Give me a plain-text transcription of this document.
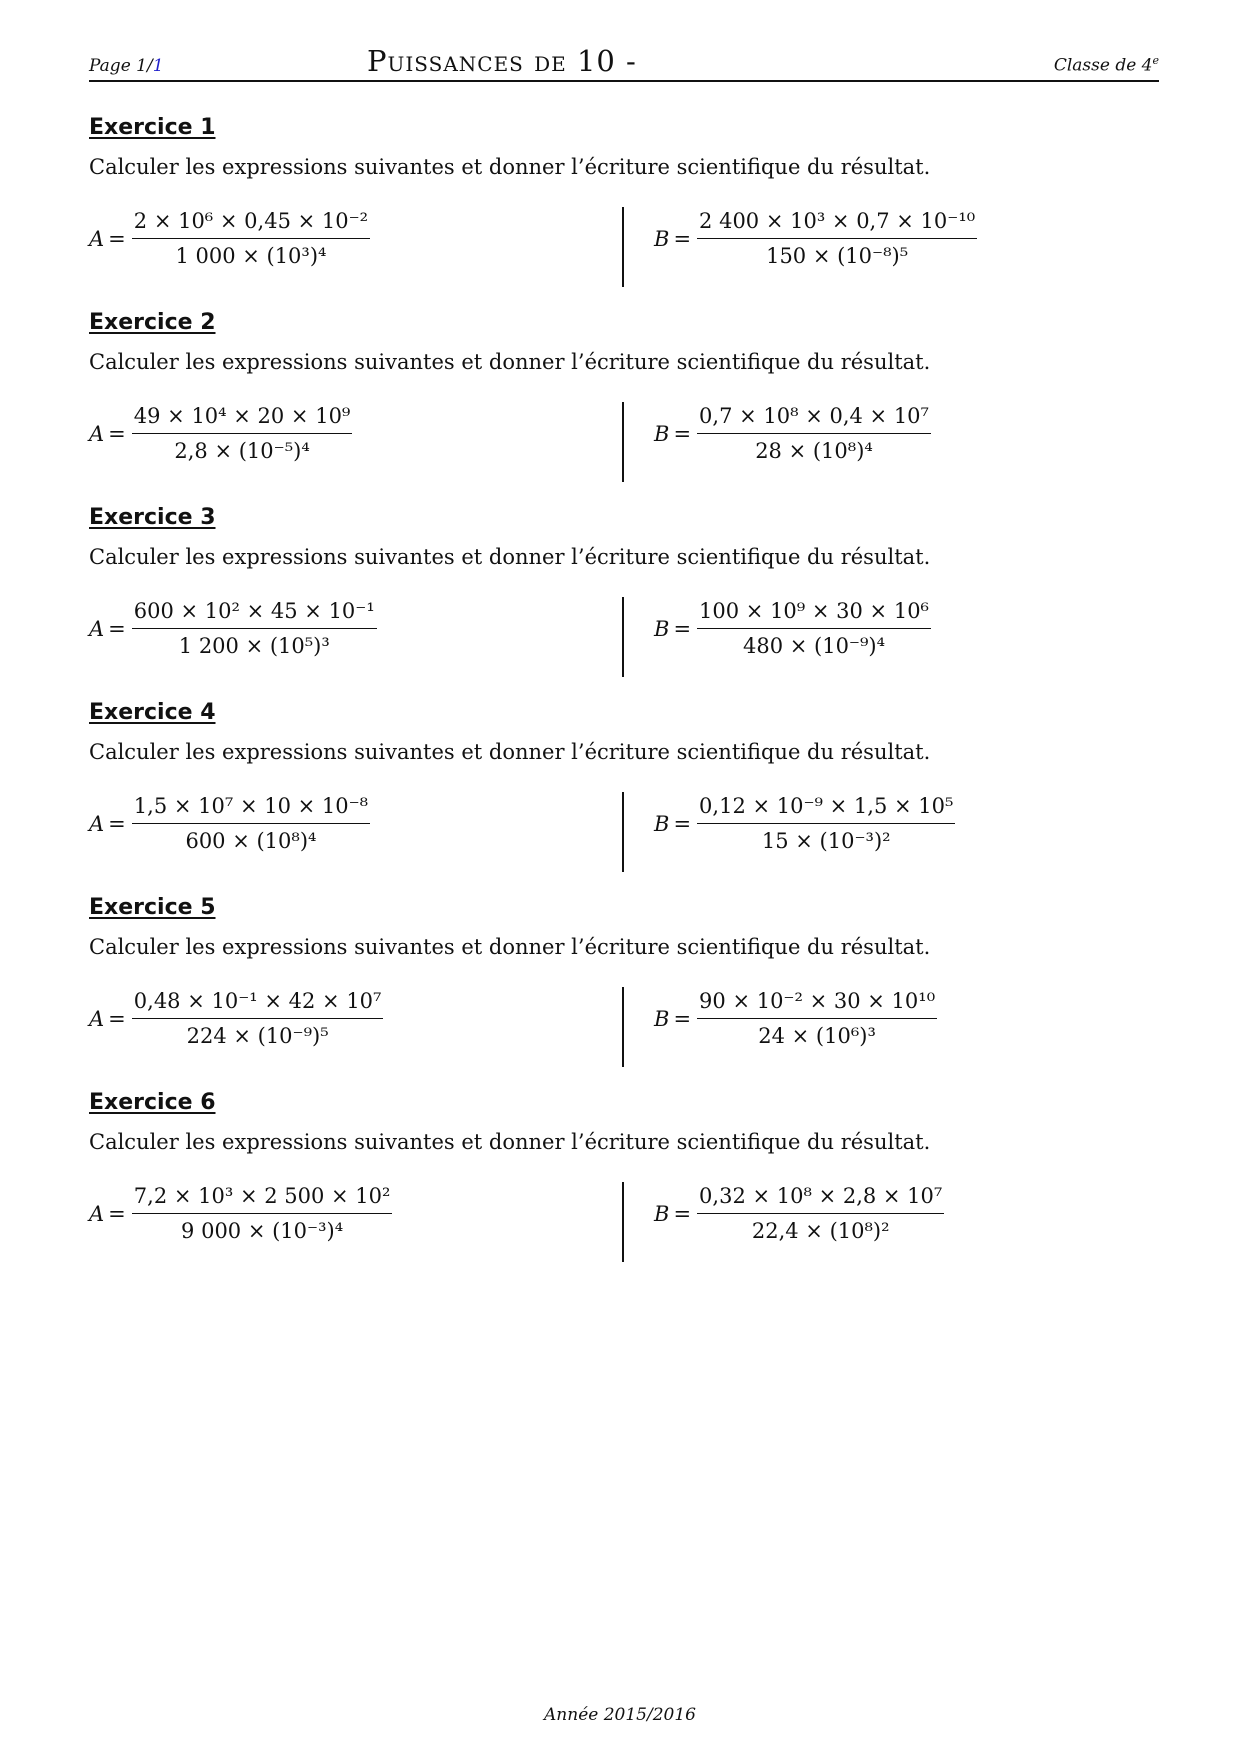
Page 1/1	Puissances de 10 -	Classe de 4e
Exercice 1
Calculer les expressions suivantes et donner l’écriture scientifique du résultat.
$A = \frac{\text{2 × 10⁶ × 0,45 × 10⁻²}}{\text{1 000 × (10³)⁴}}$	$B = \frac{\text{2 400 × 10³ × 0,7 × 10⁻¹⁰}}{\text{150 × (10⁻⁸)⁵}}$
Exercice 2
Calculer les expressions suivantes et donner l’écriture scientifique du résultat.
$A = \frac{\text{49 × 10⁴ × 20 × 10⁹}}{\text{2,8 × (10⁻⁵)⁴}}$	$B = \frac{\text{0,7 × 10⁸ × 0,4 × 10⁷}}{\text{28 × (10⁸)⁴}}$
Exercice 3
Calculer les expressions suivantes et donner l’écriture scientifique du résultat.
$A = \frac{\text{600 × 10² × 45 × 10⁻¹}}{\text{1 200 × (10⁵)³}}$	$B = \frac{\text{100 × 10⁹ × 30 × 10⁶}}{\text{480 × (10⁻⁹)⁴}}$
Exercice 4
Calculer les expressions suivantes et donner l’écriture scientifique du résultat.
$A = \frac{\text{1,5 × 10⁷ × 10 × 10⁻⁸}}{\text{600 × (10⁸)⁴}}$	$B = \frac{\text{0,12 × 10⁻⁹ × 1,5 × 10⁵}}{\text{15 × (10⁻³)²}}$
Exercice 5
Calculer les expressions suivantes et donner l’écriture scientifique du résultat.
$A = \frac{\text{0,48 × 10⁻¹ × 42 × 10⁷}}{\text{224 × (10⁻⁹)⁵}}$	$B = \frac{\text{90 × 10⁻² × 30 × 10¹⁰}}{\text{24 × (10⁶)³}}$
Exercice 6
Calculer les expressions suivantes et donner l’écriture scientifique du résultat.
$A = \frac{\text{7,2 × 10³ × 2 500 × 10²}}{\text{9 000 × (10⁻³)⁴}}$	$B = \frac{\text{0,32 × 10⁸ × 2,8 × 10⁷}}{\text{22,4 × (10⁸)²}}$
Année 2015/2016
